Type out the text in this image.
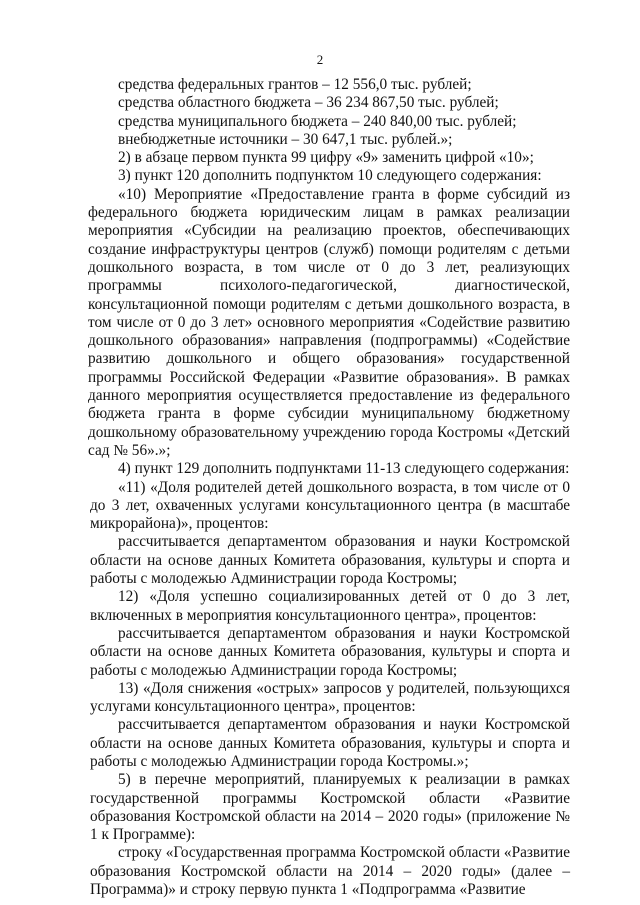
2

средства федеральных грантов – 12 556,0 тыс. рублей;

средства областного бюджета – 36 234 867,50 тыс. рублей;

средства муниципального бюджета – 240 840,00 тыс. рублей;

внебюджетные источники – 30 647,1 тыс. рублей.»;

2) в абзаце первом пункта 99 цифру «9» заменить цифрой «10»;

3) пункт 120 дополнить подпунктом 10 следующего содержания:

«10) Мероприятие «Предоставление гранта в форме субсидий из федерального бюджета юридическим лицам в рамках реализации мероприятия «Субсидии на реализацию проектов, обеспечивающих создание инфраструктуры центров (служб) помощи родителям с детьми дошкольного возраста, в том числе от 0 до 3 лет, реализующих программы психолого-педагогической, диагностической, консультационной помощи родителям с детьми дошкольного возраста, в том числе от 0 до 3 лет» основного мероприятия «Содействие развитию дошкольного образования» направления (подпрограммы) «Содействие развитию дошкольного и общего образования» государственной программы Российской Федерации «Развитие образования». В рамках данного мероприятия осуществляется предоставление из федерального бюджета гранта в форме субсидии муниципальному бюджетному дошкольному образовательному учреждению города Костромы «Детский сад № 56».»;

4) пункт 129 дополнить подпунктами 11-13 следующего содержания:

«11) «Доля родителей детей дошкольного возраста, в том числе от 0 до 3 лет, охваченных услугами консультационного центра (в масштабе микрорайона)», процентов:

рассчитывается департаментом образования и науки Костромской области на основе данных Комитета образования, культуры и спорта и работы с молодежью Администрации города Костромы;

12) «Доля успешно социализированных детей от 0 до 3 лет, включенных в мероприятия консультационного центра», процентов:

рассчитывается департаментом образования и науки Костромской области на основе данных Комитета образования, культуры и спорта и работы с молодежью Администрации города Костромы;

13) «Доля снижения «острых» запросов у родителей, пользующихся услугами консультационного центра», процентов:

рассчитывается департаментом образования и науки Костромской области на основе данных Комитета образования, культуры и спорта и работы с молодежью Администрации города Костромы.»;

5) в перечне мероприятий, планируемых к реализации в рамках государственной программы Костромской области «Развитие образования Костромской области на 2014 – 2020 годы» (приложение № 1 к Программе):

строку «Государственная программа Костромской области «Развитие образования Костромской области на 2014 – 2020 годы» (далее – Программа)» и строку первую пункта 1 «Подпрограмма «Развитие
